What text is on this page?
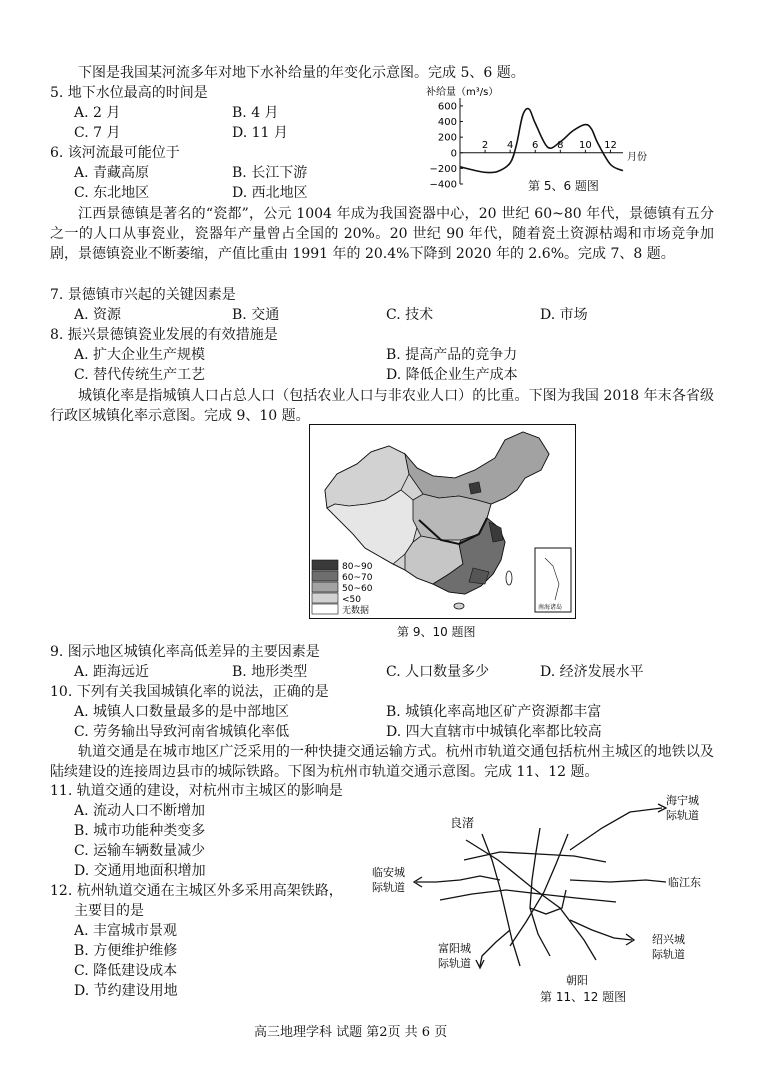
下图是我国某河流多年对地下水补给量的年变化示意图。完成 5、6 题。
5. 地下水位最高的时间是
A. 2 月	B. 4 月
C. 7 月	D. 11 月
6. 该河流最可能位于
A. 青藏高原	B. 长江下游
C. 东北地区	D. 西北地区
补给量（m³/s）
月份
600
400
200
0
−200
−400
2 4 6 8 10 12
第 5、6 题图
江西景德镇是著名的“瓷都”，公元 1004 年成为我国瓷器中心，20 世纪 60~80 年代，景德镇有五分之一的人口从事瓷业，瓷器年产量曾占全国的 20%。20 世纪 90 年代，随着瓷土资源枯竭和市场竞争加剧，景德镇瓷业不断萎缩，产值比重由 1991 年的 20.4%下降到 2020 年的 2.6%。完成 7、8 题。
7. 景德镇市兴起的关键因素是
A. 资源	B. 交通	C. 技术	D. 市场
8. 振兴景德镇瓷业发展的有效措施是
A. 扩大企业生产规模	B. 提高产品的竞争力
C. 替代传统生产工艺	D. 降低企业生产成本
城镇化率是指城镇人口占总人口（包括农业人口与非农业人口）的比重。下图为我国 2018 年末各省级行政区城镇化率示意图。完成 9、10 题。
南海诸岛
80~90
60~70
50~60
<50
无数据
第 9、10 题图
9. 图示地区城镇化率高低差异的主要因素是
A. 距海远近	B. 地形类型	C. 人口数量多少	D. 经济发展水平
10. 下列有关我国城镇化率的说法，正确的是
A. 城镇人口数量最多的是中部地区	B. 城镇化率高地区矿产资源都丰富
C. 劳务输出导致河南省城镇化率低	D. 四大直辖市中城镇化率都比较高
轨道交通是在城市地区广泛采用的一种快捷交通运输方式。杭州市轨道交通包括杭州主城区的地铁以及陆续建设的连接周边县市的城际铁路。下图为杭州市轨道交通示意图。完成 11、12 题。
11. 轨道交通的建设，对杭州市主城区的影响是
A. 流动人口不断增加
B. 城市功能种类变多
C. 运输车辆数量减少
D. 交通用地面积增加
12. 杭州轨道交通在主城区外多采用高架铁路，
主要目的是
A. 丰富城市景观
B. 方便维护维修
C. 降低建设成本
D. 节约建设用地
良渚
海宁城
际轨道
临安城
际轨道	临江东
富阳城
际轨道
绍兴城
际轨道
朝阳
第 11、12 题图
高三地理学科 试题 第2页 共 6 页
